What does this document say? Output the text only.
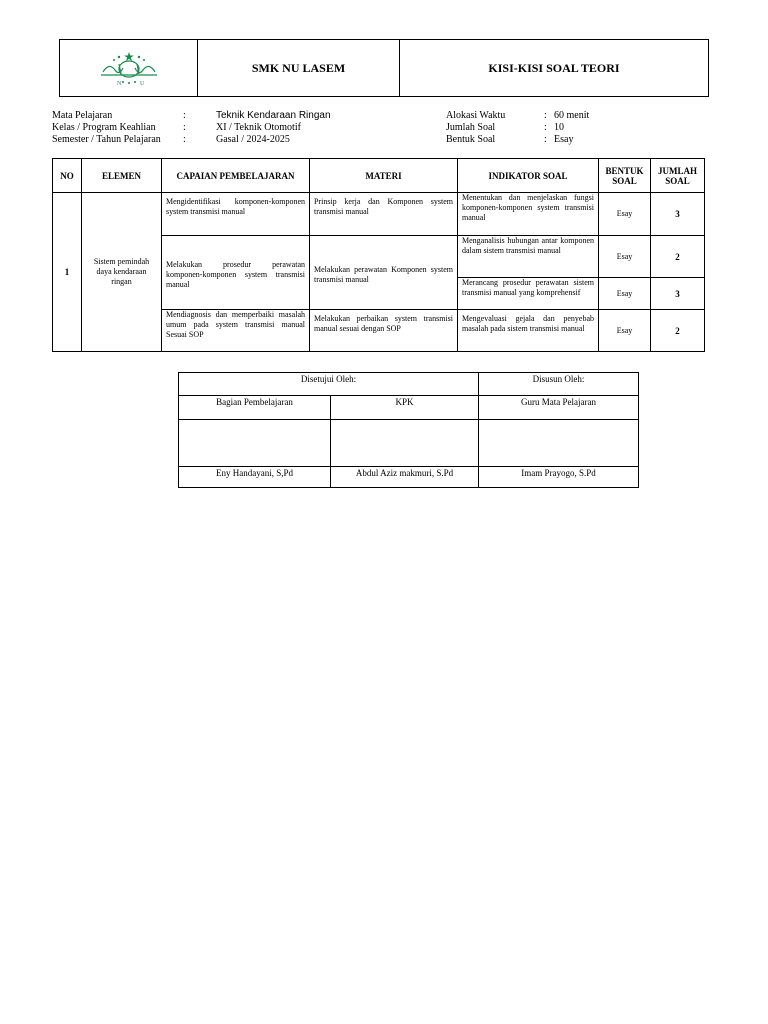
N	U
SMK NU LASEM	KISI-KISI SOAL TEORI
Mata Pelajaran	:	Teknik Kendaraan Ringan
Kelas / Program Keahlian	:	XI / Teknik Otomotif
Semester / Tahun Pelajaran	:	Gasal / 2024-2025
Alokasi Waktu	: 60 menit
Jumlah Soal	: 10
Bentuk Soal	: Esay
NO	ELEMEN	CAPAIAN PEMBELAJARAN	MATERI	INDIKATOR SOAL	BENTUK SOAL	JUMLAH SOAL
1	Sistem pemindah daya kendaraan ringan	Mengidentifikasi komponen-komponen system transmisi manual	Prinsip kerja dan Komponen system transmisi manual	Menentukan dan menjelaskan fungsi komponen-komponen system transmisi manual	Esay	3
		Melakukan prosedur perawatan komponen-komponen system transmisi manual	Melakukan perawatan Komponen system transmisi manual	Menganalisis hubungan antar komponen dalam sistem transmisi manual	Esay	2
				Merancang prosedur perawatan sistem transmisi manual yang komprehensif	Esay	3
		Mendiagnosis dan memperbaiki masalah umum pada system transmisi manual Sesuai SOP	Melakukan perbaikan system transmisi manual sesuai dengan SOP	Mengevaluasi gejala dan penyebab masalah pada sistem transmisi manual	Esay	2
Disetujui Oleh:		Disusun Oleh:
Bagian Pembelajaran	KPK	Guru Mata Pelajaran

Eny Handayani, S,Pd	Abdul Aziz makmuri, S.Pd	Imam Prayogo, S.Pd
